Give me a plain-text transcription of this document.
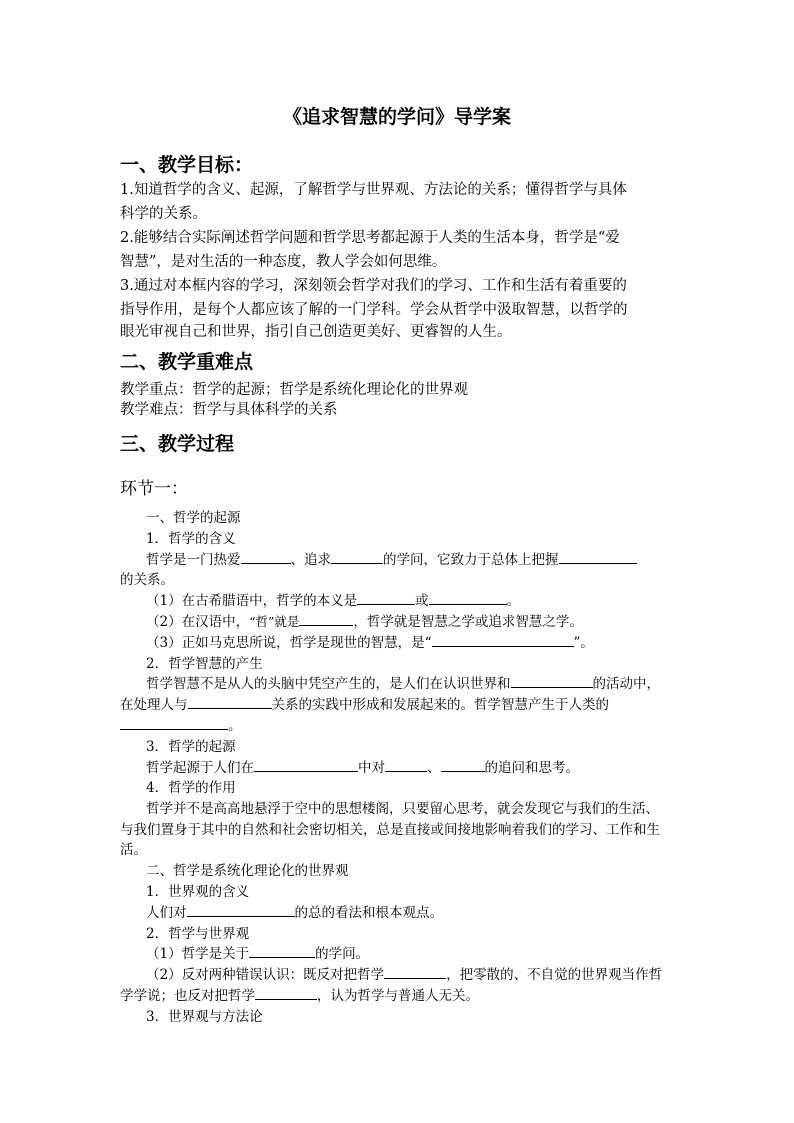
《追求智慧的学问》导学案
一、教学目标：
1.知道哲学的含义、起源，了解哲学与世界观、方法论的关系；懂得哲学与具体
科学的关系。
2.能够结合实际阐述哲学问题和哲学思考都起源于人类的生活本身，哲学是“爱
智慧”，是对生活的一种态度，教人学会如何思维。
3.通过对本框内容的学习，深刻领会哲学对我们的学习、工作和生活有着重要的
指导作用，是每个人都应该了解的一门学科。学会从哲学中汲取智慧，以哲学的
眼光审视自己和世界，指引自己创造更美好、更睿智的人生。
二、教学重难点
教学重点：哲学的起源；哲学是系统化理论化的世界观
教学难点：哲学与具体科学的关系
三、教学过程
环节一：
一、哲学的起源
1．哲学的含义
哲学是一门热爱	、追求	的学问，它致力于总体上把握
的关系。
（1）在古希腊语中，哲学的本义是	或	。
（2）在汉语中，“哲”就是	，哲学就是智慧之学或追求智慧之学。
（3）正如马克思所说，哲学是现世的智慧，是“	”。
2．哲学智慧的产生
哲学智慧不是从人的头脑中凭空产生的，是人们在认识世界和	的活动中，
在处理人与	关系的实践中形成和发展起来的。哲学智慧产生于人类的
。
3．哲学的起源
哲学起源于人们在	中对	、	的追问和思考。
4．哲学的作用
哲学并不是高高地悬浮于空中的思想楼阁，只要留心思考，就会发现它与我们的生活、
与我们置身于其中的自然和社会密切相关，总是直接或间接地影响着我们的学习、工作和生
活。
二、哲学是系统化理论化的世界观
1．世界观的含义
人们对	的总的看法和根本观点。
2．哲学与世界观
（1）哲学是关于	的学问。
（2）反对两种错误认识：既反对把哲学	，把零散的、不自觉的世界观当作哲
学学说；也反对把哲学	，认为哲学与普通人无关。
3．世界观与方法论
